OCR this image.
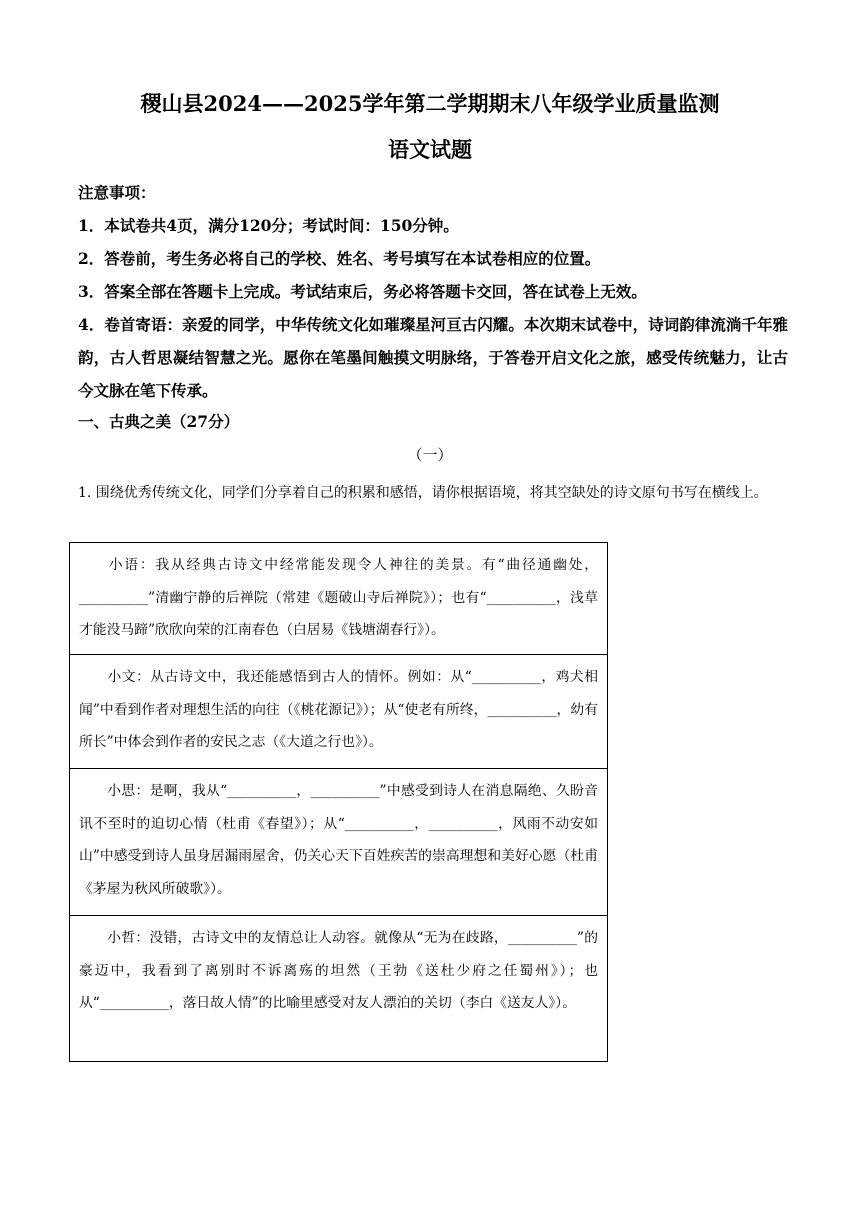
稷山县2024——2025学年第二学期期末八年级学业质量监测
语文试题
注意事项：
1．本试卷共4页，满分120分；考试时间：150分钟。
2．答卷前，考生务必将自己的学校、姓名、考号填写在本试卷相应的位置。
3．答案全部在答题卡上完成。考试结束后，务必将答题卡交回，答在试卷上无效。
4．卷首寄语：亲爱的同学，中华传统文化如璀璨星河亘古闪耀。本次期末试卷中，诗词韵律流淌千年雅韵，古人哲思凝结智慧之光。愿你在笔墨间触摸文明脉络，于答卷开启文化之旅，感受传统魅力，让古今文脉在笔下传承。
一、古典之美（27分）
（一）
1. 围绕优秀传统文化，同学们分享着自己的积累和感悟，请你根据语境，将其空缺处的诗文原句书写在横线上。
小语：我从经典古诗文中经常能发现令人神往的美景。有“曲径通幽处，__________”清幽宁静的后禅院（常建《题破山寺后禅院》）；也有“__________，浅草才能没马蹄”欣欣向荣的江南春色（白居易《钱塘湖春行》）。
小文：从古诗文中，我还能感悟到古人的情怀。例如：从“__________，鸡犬相闻”中看到作者对理想生活的向往（《桃花源记》）；从“使老有所终，__________，幼有所长”中体会到作者的安民之志（《大道之行也》）。
小思：是啊，我从“__________，__________”中感受到诗人在消息隔绝、久盼音讯不至时的迫切心情（杜甫《春望》）；从“__________，__________，风雨不动安如山”中感受到诗人虽身居漏雨屋舍，仍关心天下百姓疾苦的崇高理想和美好心愿（杜甫《茅屋为秋风所破歌》）。
小哲：没错，古诗文中的友情总让人动容。就像从“无为在歧路，__________”的豪迈中，我看到了离别时不诉离殇的坦然（王勃《送杜少府之任蜀州》）；也从“__________，落日故人情”的比喻里感受对友人漂泊的关切（李白《送友人》）。
